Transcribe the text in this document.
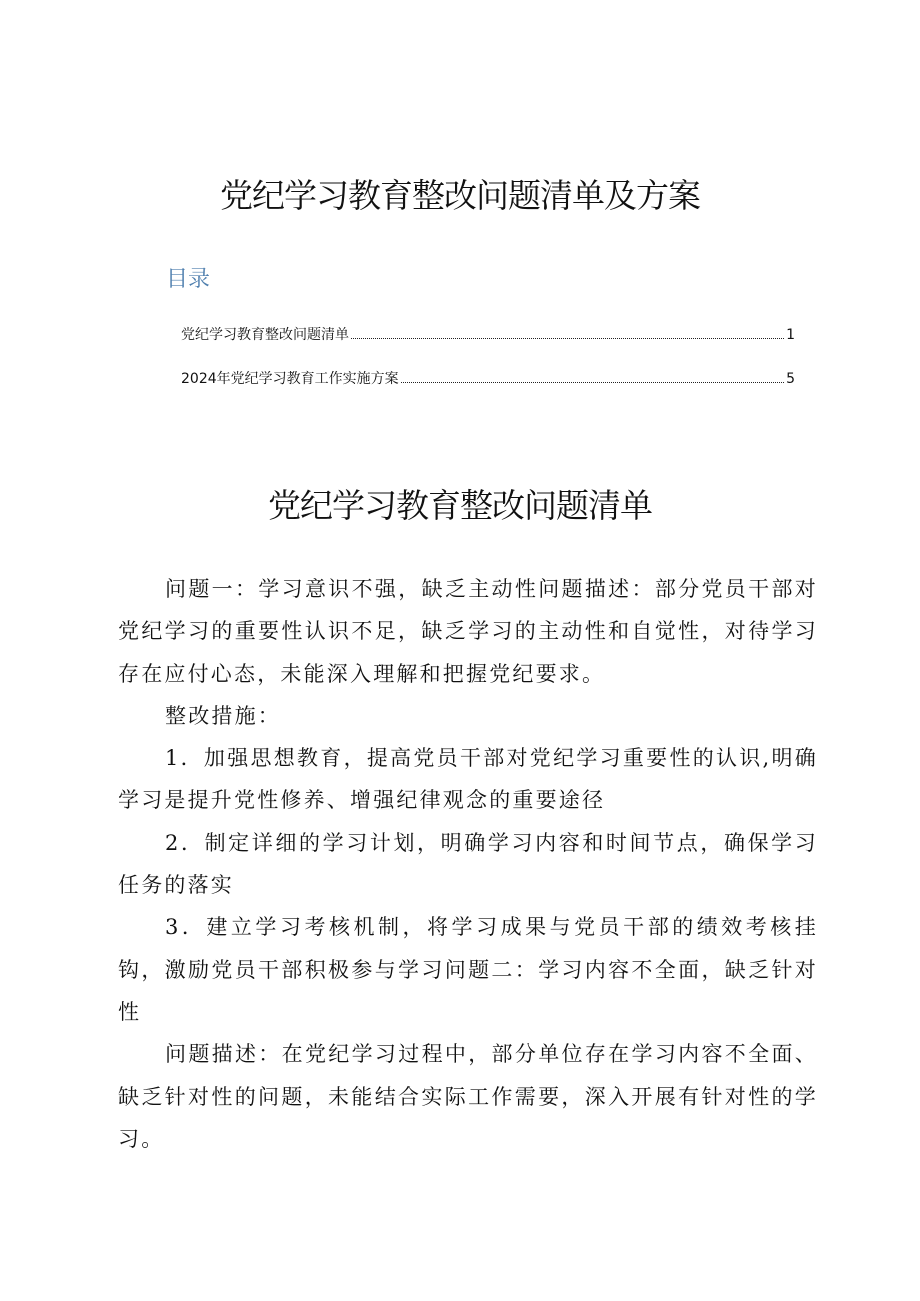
党纪学习教育整改问题清单及方案
目录
党纪学习教育整改问题清单	1
2024年党纪学习教育工作实施方案	5
党纪学习教育整改问题清单

问题一：学习意识不强，缺乏主动性问题描述：部分党员干部对党纪学习的重要性认识不足，缺乏学习的主动性和自觉性，对待学习存在应付心态，未能深入理解和把握党纪要求。

整改措施：

1．加强思想教育，提高党员干部对党纪学习重要性的认识,明确学习是提升党性修养、增强纪律观念的重要途径

2．制定详细的学习计划，明确学习内容和时间节点，确保学习任务的落实

3．建立学习考核机制，将学习成果与党员干部的绩效考核挂钩，激励党员干部积极参与学习问题二：学习内容不全面，缺乏针对性

问题描述：在党纪学习过程中，部分单位存在学习内容不全面、缺乏针对性的问题，未能结合实际工作需要，深入开展有针对性的学习。
